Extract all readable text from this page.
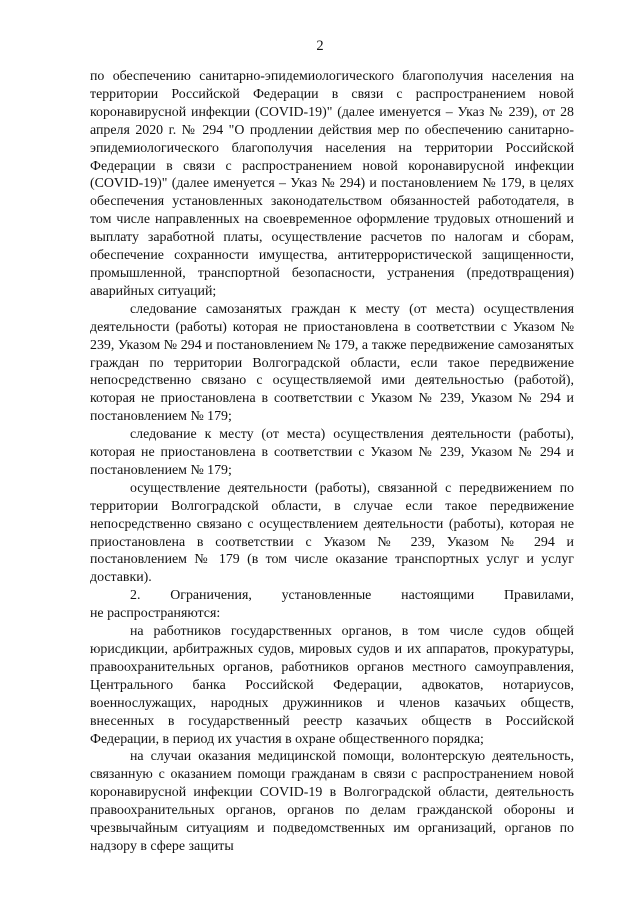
2

по обеспечению санитарно-эпидемиологического благополучия населения на территории Российской Федерации в связи с распространением новой коронавирусной инфекции (COVID-19)" (далее именуется – Указ № 239), от 28 апреля 2020 г. № 294 "О продлении действия мер по обеспечению санитарно-эпидемиологического благополучия населения на территории Российской Федерации в связи с распространением новой коронавирусной инфекции (COVID-19)" (далее именуется – Указ № 294) и постановлением № 179, в целях обеспечения установленных законодательством обязанностей работодателя, в том числе направленных на своевременное оформление трудовых отношений и выплату заработной платы, осуществление расчетов по налогам и сборам, обеспечение сохранности имущества, антитеррористической защищенности, промышленной, транспортной безопасности, устранения (предотвращения) аварийных ситуаций;

следование самозанятых граждан к месту (от места) осуществления деятельности (работы) которая не приостановлена в соответствии с Указом № 239, Указом № 294 и постановлением № 179, а также передвижение самозанятых граждан по территории Волгоградской области, если такое передвижение непосредственно связано с осуществляемой ими деятельностью (работой), которая не приостановлена в соответствии с Указом № 239, Указом № 294 и постановлением № 179;

следование к месту (от места) осуществления деятельности (работы), которая не приостановлена в соответствии с Указом № 239, Указом № 294 и постановлением № 179;

осуществление деятельности (работы), связанной с передвижением по территории Волгоградской области, в случае если такое передвижение непосредственно связано с осуществлением деятельности (работы), которая не приостановлена в соответствии с Указом № 239, Указом № 294 и постановлением № 179 (в том числе оказание транспортных услуг и услуг доставки).

2. Ограничения, установленные настоящими Правилами,
не распространяются:

на работников государственных органов, в том числе судов общей юрисдикции, арбитражных судов, мировых судов и их аппаратов, прокуратуры, правоохранительных органов, работников органов местного самоуправления, Центрального банка Российской Федерации, адвокатов, нотариусов, военнослужащих, народных дружинников и членов казачьих обществ, внесенных в государственный реестр казачьих обществ в Российской Федерации, в период их участия в охране общественного порядка;

на случаи оказания медицинской помощи, волонтерскую деятельность, связанную с оказанием помощи гражданам в связи с распространением новой коронавирусной инфекции COVID-19 в Волгоградской области, деятельность правоохранительных органов, органов по делам гражданской обороны и чрезвычайным ситуациям и подведомственных им организаций, органов по надзору в сфере защиты
